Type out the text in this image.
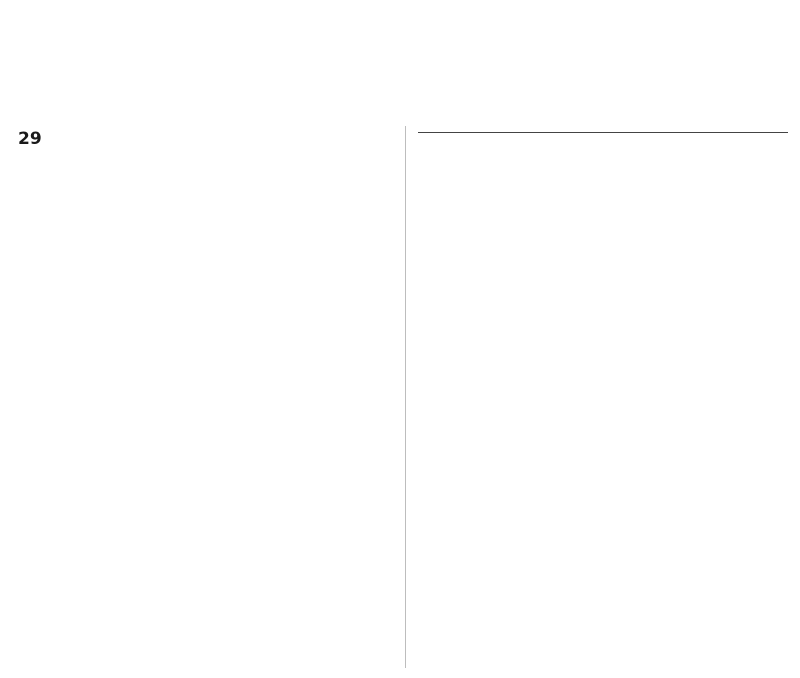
29
